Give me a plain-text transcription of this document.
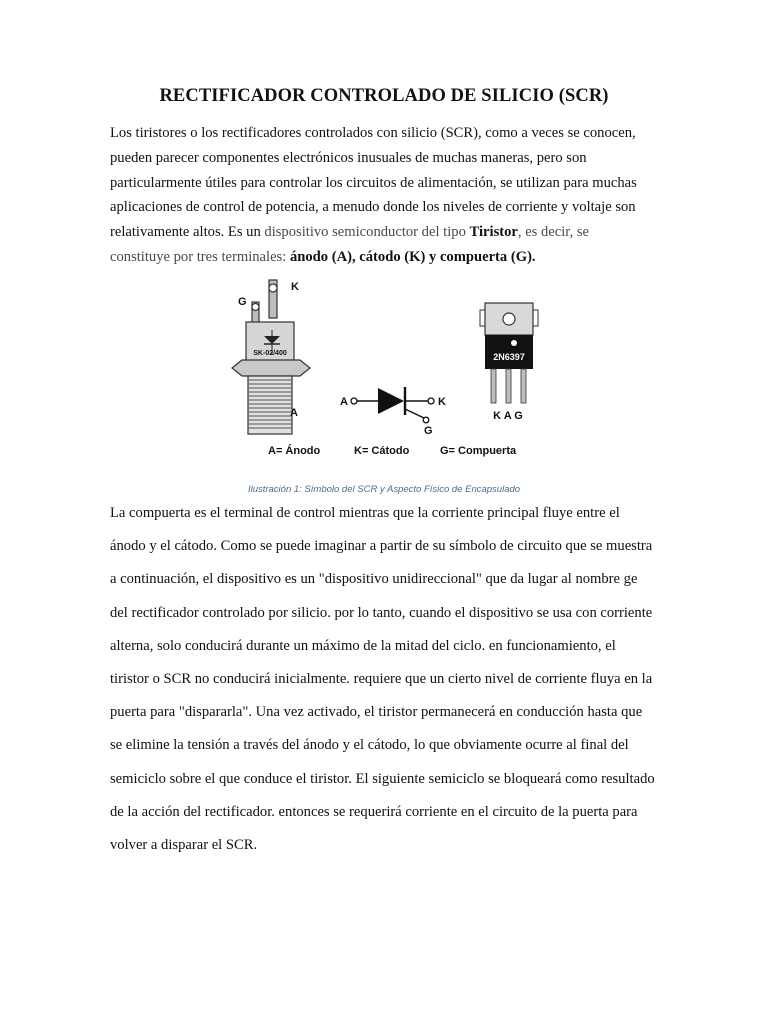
RECTIFICADOR CONTROLADO DE SILICIO (SCR)

Los tiristores o los rectificadores controlados con silicio (SCR), como a veces se conocen, pueden parecer componentes electrónicos inusuales de muchas maneras, pero son particularmente útiles para controlar los circuitos de alimentación, se utilizan para muchas aplicaciones de control de potencia, a menudo donde los niveles de corriente y voltaje son relativamente altos. Es un dispositivo semiconductor del tipo Tiristor, es decir, se constituye por tres terminales: ánodo (A), cátodo (K) y compuerta (G).

SK-02/400
G
K
A
A	K
G
2N6397
K A G
A= Ánodo	K= Cátodo	G= Compuerta
Ilustración 1: Símbolo del SCR y Aspecto Físico de Encapsulado

La compuerta es el terminal de control mientras que la corriente principal fluye entre el ánodo y el cátodo. Como se puede imaginar a partir de su símbolo de circuito que se muestra a continuación, el dispositivo es un "dispositivo unidireccional" que da lugar al nombre ge del rectificador controlado por silicio. por lo tanto, cuando el dispositivo se usa con corriente alterna, solo conducirá durante un máximo de la mitad del ciclo. en funcionamiento, el tiristor o SCR no conducirá inicialmente. requiere que un cierto nivel de corriente fluya en la puerta para "dispararla". Una vez activado, el tiristor permanecerá en conducción hasta que se elimine la tensión a través del ánodo y el cátodo, lo que obviamente ocurre al final del semiciclo sobre el que conduce el tiristor. El siguiente semiciclo se bloqueará como resultado de la acción del rectificador. entonces se requerirá corriente en el circuito de la puerta para volver a disparar el SCR.
